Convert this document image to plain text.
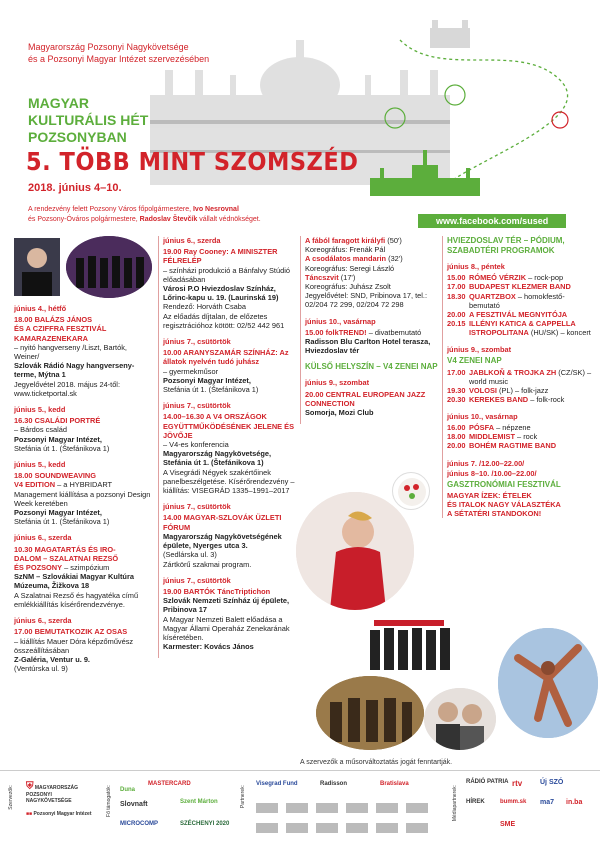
Magyarország Pozsonyi Nagykövetsége
és a Pozsonyi Magyar Intézet szervezésében
MAGYAR
KULTURÁLIS HÉT
POZSONYBAN
5. TÖBB MINT SZOMSZÉD
2018. június 4–10.
A rendezvény felett Pozsony Város főpolgármestere, Ivo Nesrovnal
és Pozsony-Óváros polgármestere, Radoslav Števčík vállalt védnökséget.	www.facebook.com/sused
június 4., hétfő
18.00 BALÁZS JÁNOS
ÉS A CZIFFRA FESZTIVÁL
KAMARAZENEKARA
– nyitó hangverseny /Liszt, Bartók, Weiner/
Szlovák Rádió Nagy hangverseny-terme, Mýtna 1
Jegyelővétel 2018. május 24-től: www.ticketportal.sk
június 5., kedd
16.30 CSALÁDI PORTRÉ
– Bárdos család
Pozsonyi Magyar Intézet,
Stefánia út 1. (Štefánikova 1)
június 5., kedd
18.00 SOUNDWEAVING
V4 EDITION – a HYBRIDART Management kiállítása a pozsonyi Design Week keretében
Pozsonyi Magyar Intézet,
Stefánia út 1. (Štefánikova 1)
június 6., szerda
10.30 MAGATARTÁS ÉS IRO-
DALOM – SZALATNAI REZSŐ
ÉS POZSONY – szimpózium
SzNM – Szlovákiai Magyar Kultúra Múzeuma, Žižkova 18
A Szalatnai Rezső és hagyatéka című emlékkiállítás kísérőrendezvénye.
június 6., szerda
17.00 BEMUTATKOZIK AZ OSAS
– kiállítás Mauer Dóra képzőművész összeállításában
Z-Galéria, Ventur u. 9.
(Ventúrska ul. 9)
június 6., szerda
19.00 Ray Cooney: A MINISZTER FÉLRELÉP
– színházi produkció a Bánfalvy Stúdió előadásában
Városi P.O Hviezdoslav Színház, Lőrinc-kapu u. 19. (Laurinská 19)
Rendező: Horváth Csaba
Az előadás díjtalan, de előzetes regisztrációhoz kötött: 02/52 442 961
június 7., csütörtök
10.00 ARANYSZAMÁR SZÍNHÁZ: Az állatok nyelvén tudó juhász
– gyermekműsor
Pozsonyi Magyar Intézet,
Stefánia út 1. (Štefánikova 1)
június 7., csütörtök
14.00–16.30 A V4 ORSZÁGOK EGYÜTTMŰKÖDÉSÉNEK JELENE ÉS JÖVŐJE
– V4-es konferencia
Magyarország Nagykövetsége, Stefánia út 1. (Štefánikova 1)
A Visegrádi Négyek szakértőinek panelbeszélgetése. Kísérőrendezvény – kiállítás: VISEGRÁD 1335–1991–2017
június 7., csütörtök
14.00 MAGYAR-SZLOVÁK ÜZLETI FÓRUM
Magyarország Nagykövetségének épülete, Nyerges utca 3.
(Sedlárska ul. 3)
Zártkörű szakmai program.
június 7., csütörtök
19.00 BARTÓK TáncTriptichon
Szlovák Nemzeti Színház új épülete, Pribinova 17
A Magyar Nemzeti Balett előadása a Magyar Állami Operaház Zenekarának kíséretében.
Karmester: Kovács János
A fából faragott királyfi (50')
Koreográfus: Frenák Pál
A csodálatos mandarin (32')
Koreográfus: Seregi László
Táncszvit (17')
Koreográfus: Juhász Zsolt
Jegyelővétel: SND, Pribinova 17, tel.: 02/204 72 299, 02/204 72 298
június 10., vasárnap
15.00 folkTREND! – divatbemutató
Radisson Blu Carlton Hotel terasza, Hviezdoslav tér
KÜLSŐ HELYSZÍN – V4 ZENEI NAP
június 9., szombat
20.00 CENTRAL EUROPEAN JAZZ CONNECTION
Somorja, Mozi Club
HVIEZDOSLAV TÉR – PÓDIUM,
SZABADTÉRI PROGRAMOK
június 8., péntek
15.00 RÓMEÓ VÉRZIK – rock-pop
17.00 BUDAPEST KLEZMER BAND
18.30 QUARTZBOX – homokfestő-bemutató
20.00 A FESZTIVÁL MEGNYITÓJA
20.15 ILLÉNYI KATICA & CAPPELLA ISTROPOLITANA (HU/SK) – koncert
június 9., szombat
V4 ZENEI NAP
17.00 JABLKOŇ & TROJKA ZH (CZ/SK) – world music
19.30 VOLOSI (PL) – folk-jazz
20.30 KEREKES BAND – folk-rock
június 10., vasárnap
16.00 PÓSFA – népzene
18.00 MIDDLEMIST – rock
20.00 BOHÉM RAGTIME BAND
június 7. /12.00–22.00/
június 8–10. /10.00–22.00/
GASZTRONÓMIAI FESZTIVÁL
MAGYAR ÍZEK: ÉTELEK
ÉS ITALOK NAGY VÁLASZTÉKA
A SÉTATÉRI STANDOKON!
A szervezők a műsorváltoztatás jogát fenntartják.
Szervezők:	Fő támogatók:	Partnerek:	Médiapartnerek:
⛨ MAGYARORSZÁG POZSONYI NAGYKÖVETSÉGE
■■ Pozsonyi Magyar Intézet
Duna
MASTERCARD
Slovnaft
MICROCOMP
Szent Márton
SZÉCHENYI 2020
Visegrad Fund	Radisson	Bratislava	RÁDIÓ PATRIA rtv	Új SZÓ
HÍREK	bumm.sk ma7 in.ba
SME
